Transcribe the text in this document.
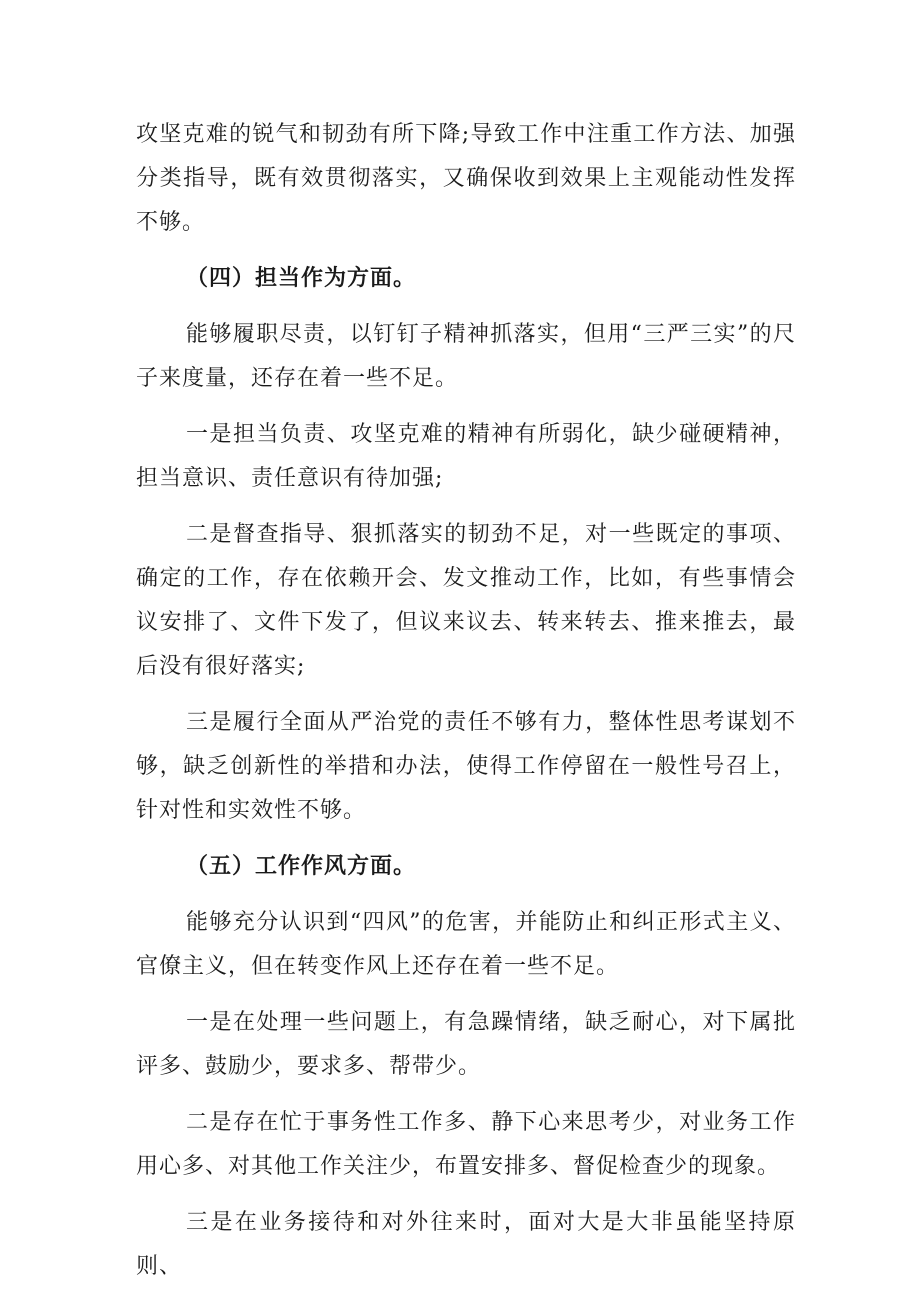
攻坚克难的锐气和韧劲有所下降;导致工作中注重工作方法、加强分类指导，既有效贯彻落实，又确保收到效果上主观能动性发挥不够。

（四）担当作为方面。

能够履职尽责，以钉钉子精神抓落实，但用“三严三实”的尺子来度量，还存在着一些不足。

一是担当负责、攻坚克难的精神有所弱化，缺少碰硬精神，担当意识、责任意识有待加强;

二是督查指导、狠抓落实的韧劲不足，对一些既定的事项、确定的工作，存在依赖开会、发文推动工作，比如，有些事情会议安排了、文件下发了，但议来议去、转来转去、推来推去，最后没有很好落实;

三是履行全面从严治党的责任不够有力，整体性思考谋划不够，缺乏创新性的举措和办法，使得工作停留在一般性号召上，针对性和实效性不够。

（五）工作作风方面。

能够充分认识到“四风”的危害，并能防止和纠正形式主义、官僚主义，但在转变作风上还存在着一些不足。

一是在处理一些问题上，有急躁情绪，缺乏耐心，对下属批评多、鼓励少，要求多、帮带少。

二是存在忙于事务性工作多、静下心来思考少，对业务工作用心多、对其他工作关注少，布置安排多、督促检查少的现象。

三是在业务接待和对外往来时，面对大是大非虽能坚持原则、
